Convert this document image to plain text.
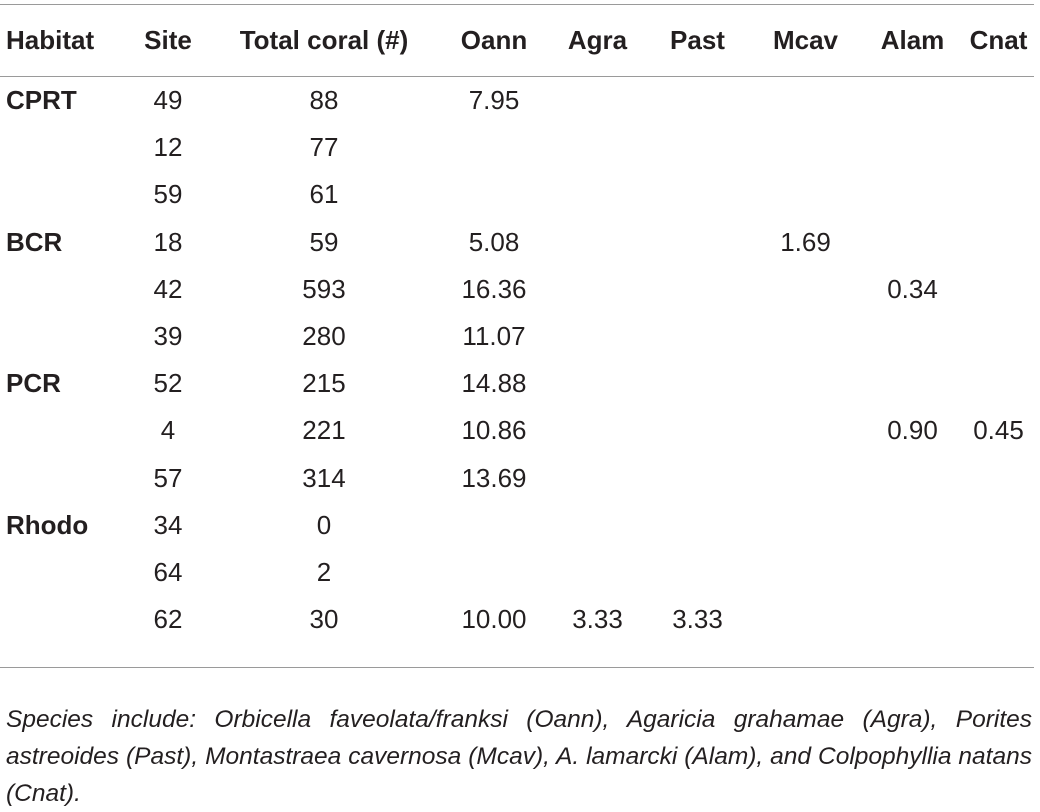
Habitat	Site	Total coral (#)	Oann	Agra	Past	Mcav	Alam	Cnat
CPRT	49	88	7.95					
	12	77						
	59	61						
BCR	18	59	5.08			1.69		
	42	593	16.36				0.34	
	39	280	11.07					
PCR	52	215	14.88					
	4	221	10.86				0.90	0.45
	57	314	13.69					
Rhodo	34	0						
	64	2						
	62	30	10.00	3.33	3.33			

Species include: Orbicella faveolata/franksi (Oann), Agaricia grahamae (Agra), Porites astreoides (Past), Montastraea cavernosa (Mcav), A. lamarcki (Alam), and Colpophyllia natans (Cnat).
